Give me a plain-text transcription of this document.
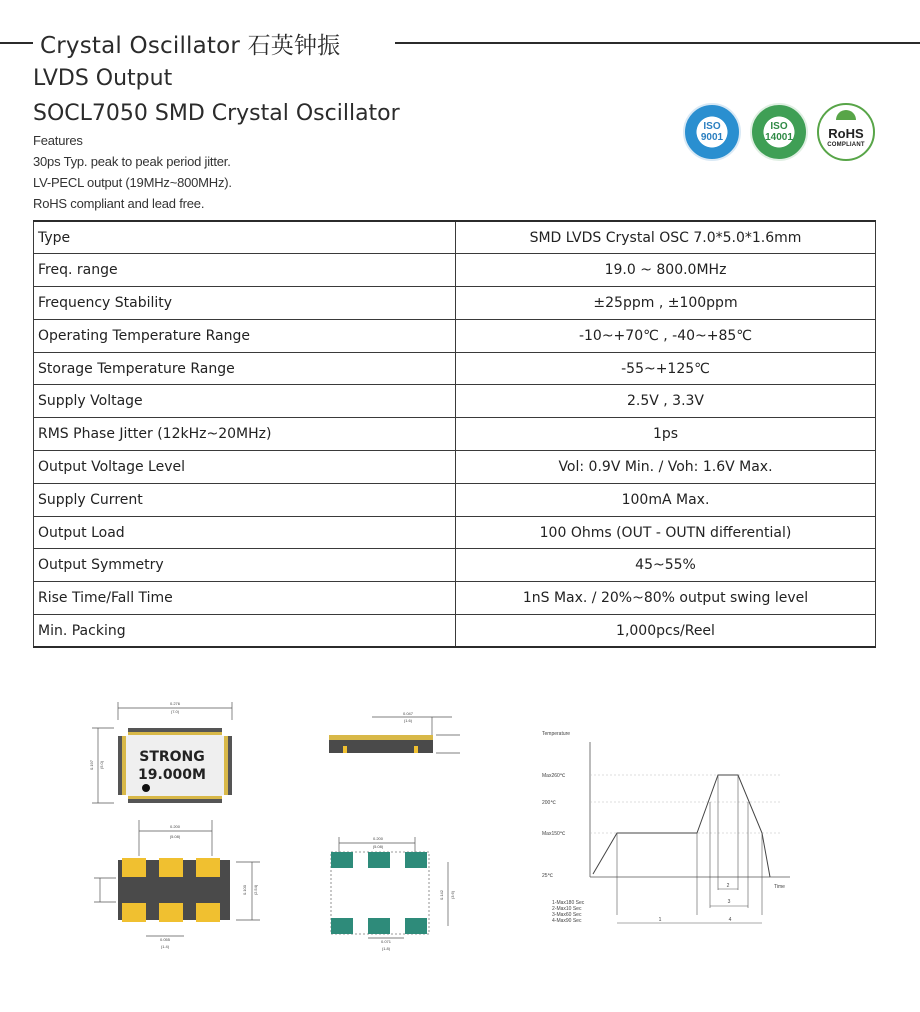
Crystal Oscillator 石英钟振
LVDS Output
SOCL7050 SMD Crystal Oscillator
Features
30ps Typ. peak to peak period jitter.
LV-PECL output (19MHz~800MHz).
RoHS compliant and lead free.
ISO
9001
ISO
14001	RoHS
COMPLIANT
Type	SMD LVDS Crystal OSC 7.0*5.0*1.6mm
Freq. range	19.0 ~ 800.0MHz
Frequency Stability	±25ppm , ±100ppm
Operating Temperature Range	-10~+70℃ , -40~+85℃
Storage Temperature Range	-55~+125℃
Supply Voltage	2.5V , 3.3V
RMS Phase Jitter (12kHz~20MHz)	1ps
Output Voltage Level	Vol: 0.9V Min. / Voh: 1.6V Max.
Supply Current	100mA Max.
Output Load	100 Ohms (OUT - OUTN differential)
Output Symmetry	45~55%
Rise Time/Fall Time	1nS Max. / 20%~80% output swing level
Min. Packing	1,000pcs/Reel
0.276
(7.0)
0.197 (5.0)	STRONG
19.000M
0.200
(5.08)
0.100 (2.54)
0.055
(1.4)
0.047
(1.6)
0.200
(5.08)
0.142 (3.6)
0.071
(1.8)
Temperature
Time
Max260℃
200℃
Max150℃
25℃
2
3
1	4
1-Max180 Sec
2-Max10 Sec
3-Max60 Sec
4-Max90 Sec
